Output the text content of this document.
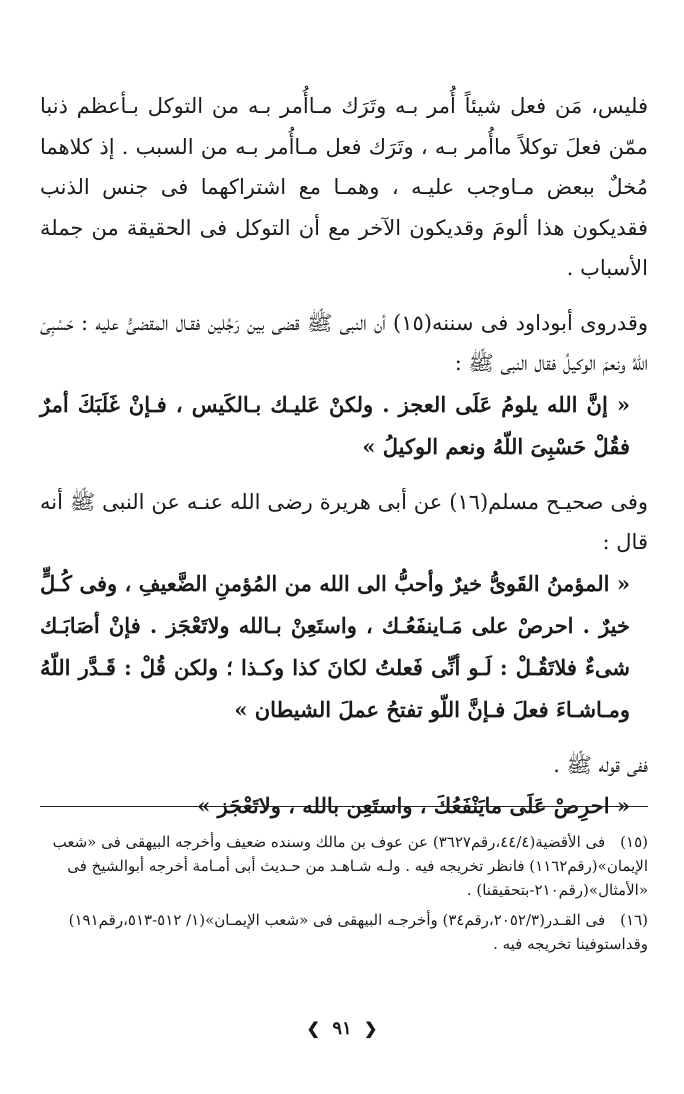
فليس، مَن فعل شيئاً أُمر بـه وتَرَك مـاأُمر بـه من التوكل بـأعظم ذنبا ممّن فعلَ توكلاً ماأُمر بـه ، وتَرَك فعل مـاأُمر بـه من السبب . إذ كلاهما مُخلٌ ببعض مـاوجب عليـه ، وهمـا مع اشتراكهما فى جنس الذنب فقديكون هذا ألومَ وقديكون الآخر مع أن التوكل فى الحقيقة من جملة الأسباب .

وقدروى أبوداود فى سننه(١٥) أن النبى ﷺ قضى بين رَجُلين فقـال المقضىُّ عليه : حَسْبِىَ اللّهُ ونعمَ الوكيلُ فقال النبى ﷺ :

« إنَّ الله يلومُ عَلَى العجز . ولكنْ عَليـك بـالكَيس ، فـإنْ غَلَبَكَ أمرٌ فقُلْ حَسْبِىَ اللّهُ ونعم الوكيلُ »

وفى صحيـح مسلم(١٦) عن أبى هريرة رضى الله عنـه عن النبى ﷺ أنه قال :

« المؤمنُ القَوىُّ خيرٌ وأحبُّ الى الله من المُؤمنِ الضَّعيفِ ، وفى كُـلٍّ خيرٌ . احرصْ على مَـاينفَعُـك ، واستَعِنْ بـالله ولاتَعْجَز . فإنْ أصَابَـك شىءٌ فلاتَقُـلْ : لَـو أنِّى فَعلتُ لكانَ كذا وكـذا ؛ ولكن قُلْ : قَـدَّر اللّهُ ومـاشـاءَ فعلَ فـإنَّ اللّو تفتحُ عملَ الشيطان »

ففى قوله ﷺ .

« احرِصْ عَلَى مايَنْفَعُكَ ، واستَعِن بالله ، ولاتَعْجَز »

(١٥) فى الأقضية(٤٤/٤،رقم٣٦٢٧) عن عوف بن مالك وسنده ضعيف وأخرجه البيهقى فى «شعب الإيمان»(رقم١١٦٢) فانظر تخريجه فيه . ولـه شـاهـد من حـديث أبى أمـامة أخرجه أبوالشيخ فى «الأمثال»(رقم٢١٠-بتحقيقنا) .

(١٦) فى القـدر(٢٠٥٢/٣،رقم٣٤) وأخرجـه البيهقى فى «شعب الإيمـان»(١/ ٥١٢-٥١٣،رقم١٩١) وقداستوفينا تخريجه فيه .

❮ ٩١ ❯
